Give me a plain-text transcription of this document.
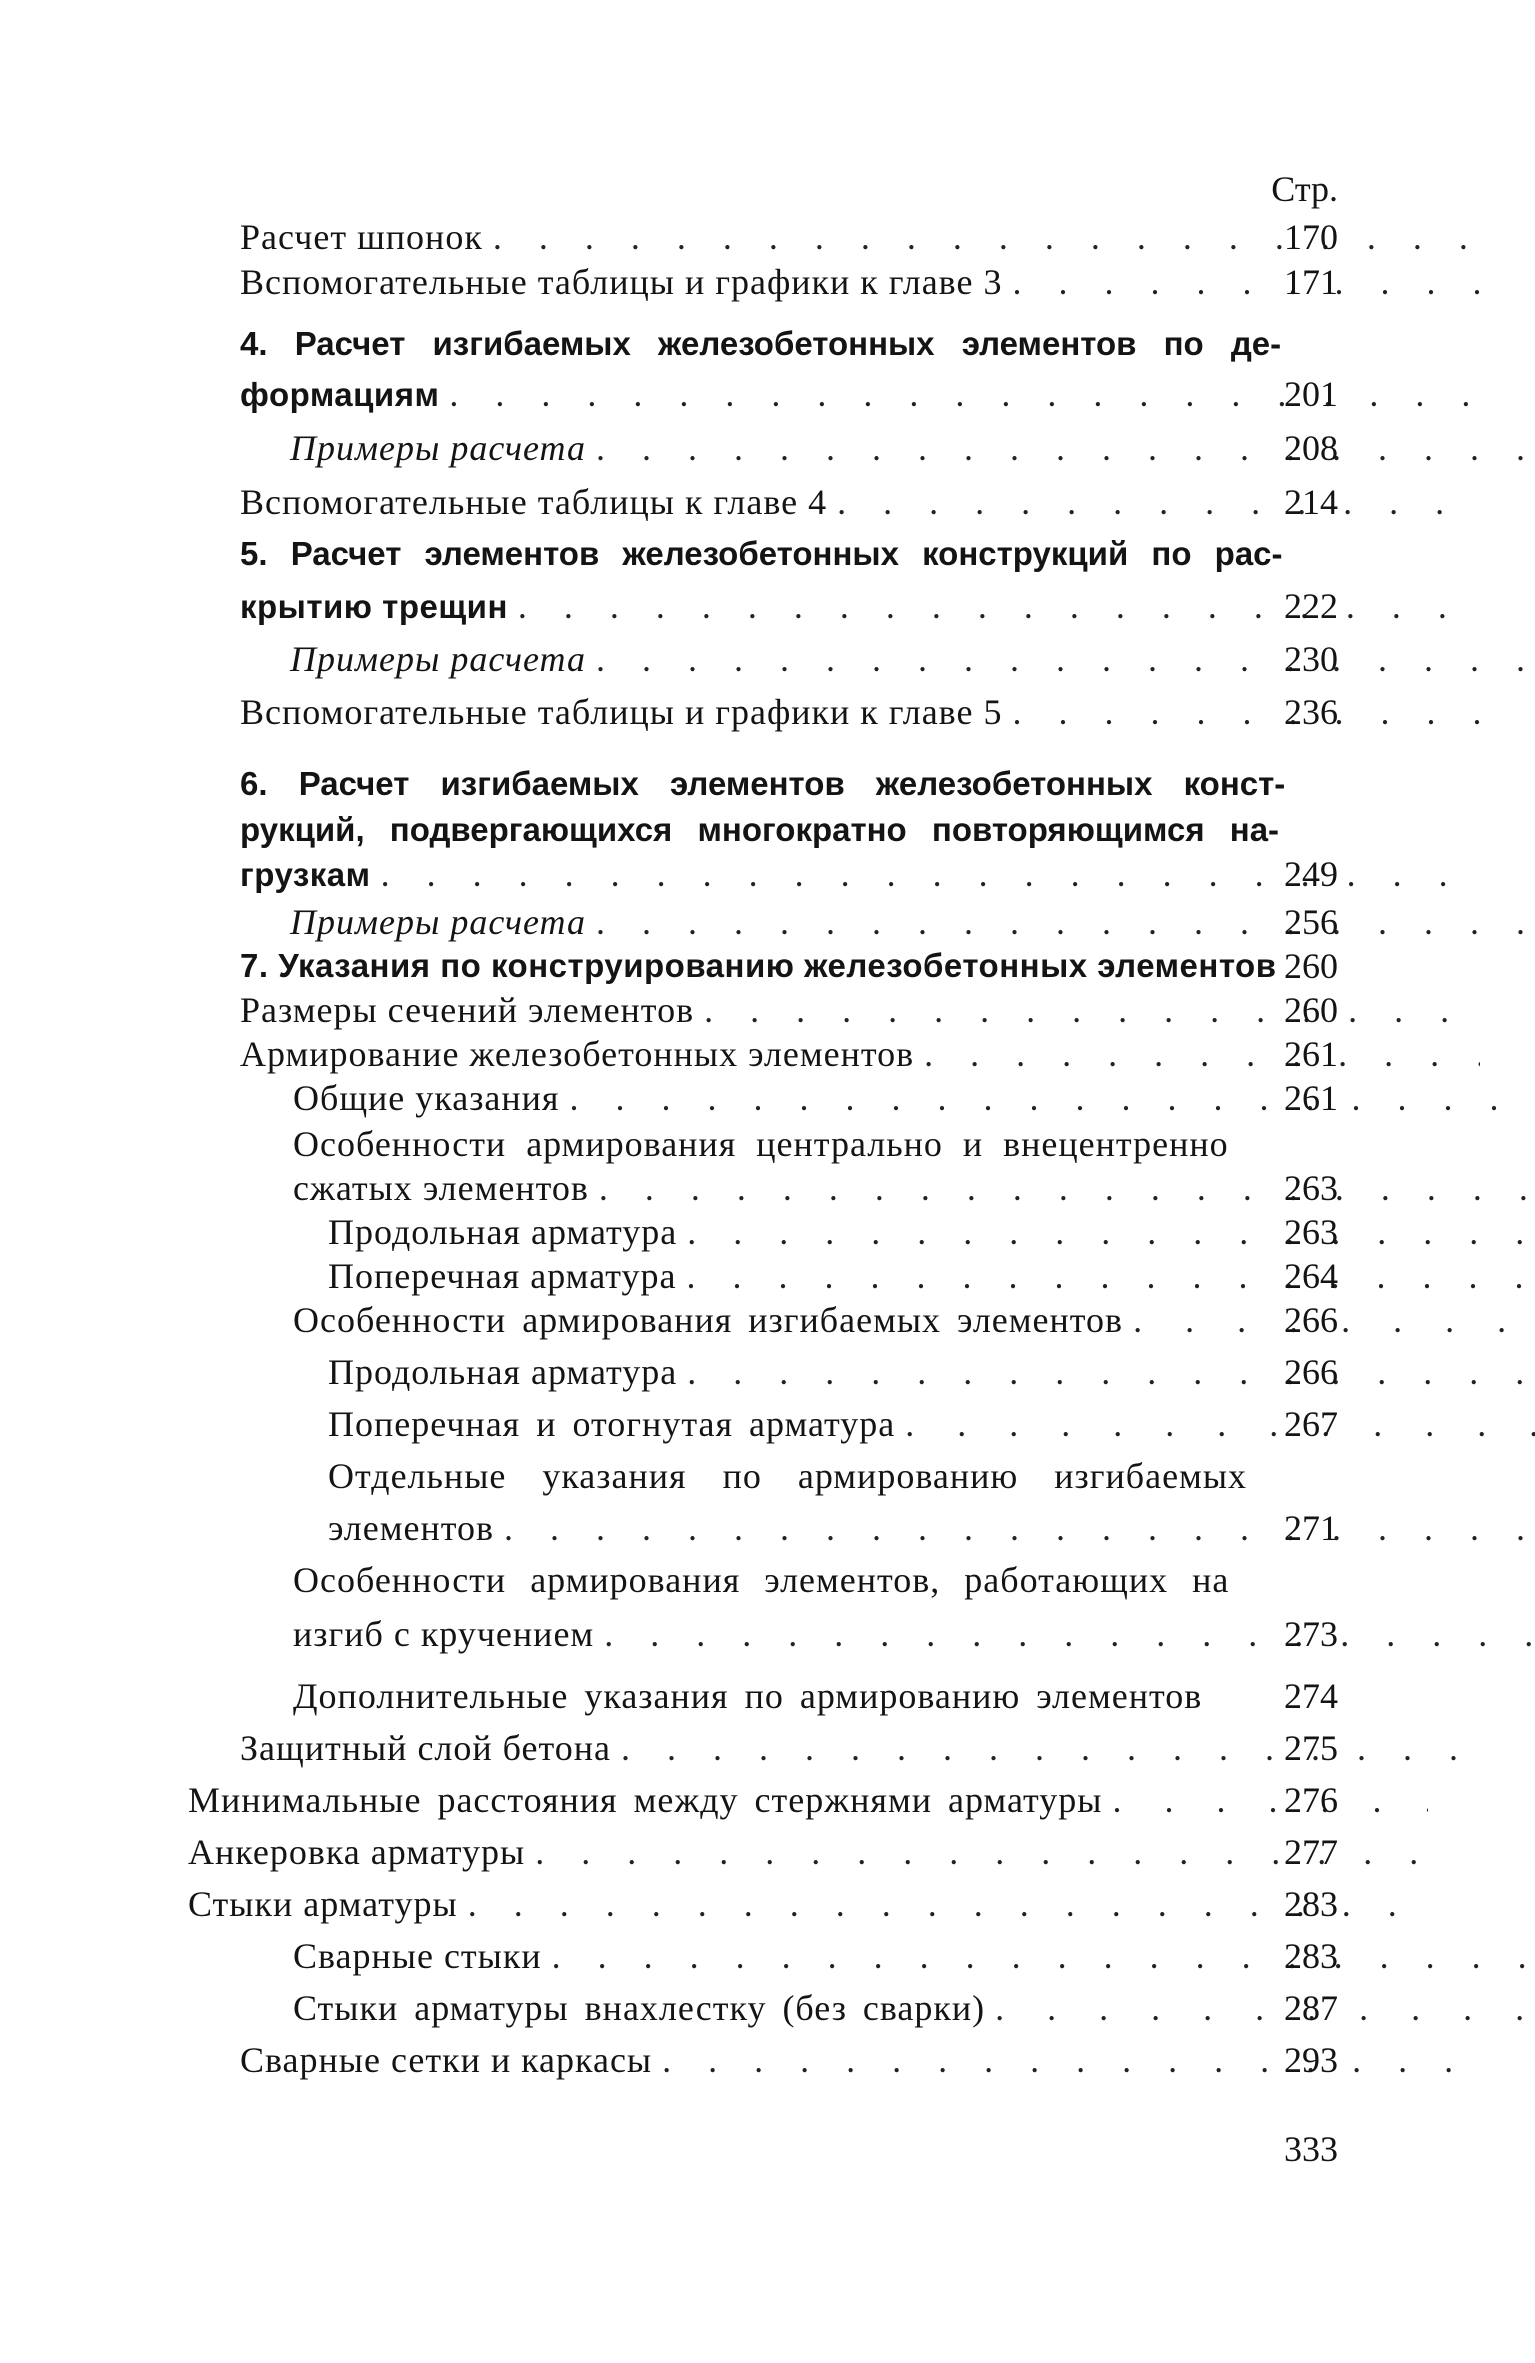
Стр.
Расчет шпонок . . .	170
Вспомогательные таблицы и графики к главе 3 . . .	171
4. Расчет изгибаемых железобетонных элементов по де-
формациям . . .	201
Примеры расчета . . .	208
Вспомогательные таблицы к главе 4 . . .	214
5. Расчет элементов железобетонных конструкций по рас-
крытию трещин . . .	222
Примеры расчета . . .	230
Вспомогательные таблицы и графики к главе 5 . . .	236
6. Расчет изгибаемых элементов железобетонных конст-
рукций, подвергающихся многократно повторяющимся на-
грузкам . . .	249
Примеры расчета . . .	256
7. Указания по конструированию железобетонных элементов 260
Размеры сечений элементов . . .	260
Армирование железобетонных элементов . . .	261
Общие указания . . .	261
Особенности армирования центрально и внецентренно
сжатых элементов . . .	263
Продольная арматура . . .	263
Поперечная арматура . . .	264
Особенности армирования изгибаемых элементов . . .	266
Продольная арматура . . .	266
Поперечная и отогнутая арматура . . .	267
Отдельные указания по армированию изгибаемых
элементов . . .	271
Особенности армирования элементов, работающих на
изгиб с кручением . . .	273
Дополнительные указания по армированию элементов	274
Защитный слой бетона . . .	275
Минимальные расстояния между стержнями арматуры . . .	276
Анкеровка арматуры . . .	277
Стыки арматуры . . .	283
Сварные стыки . . .	283
Стыки арматуры внахлестку (без сварки) . . .	287
Сварные сетки и каркасы . . .	293
333
